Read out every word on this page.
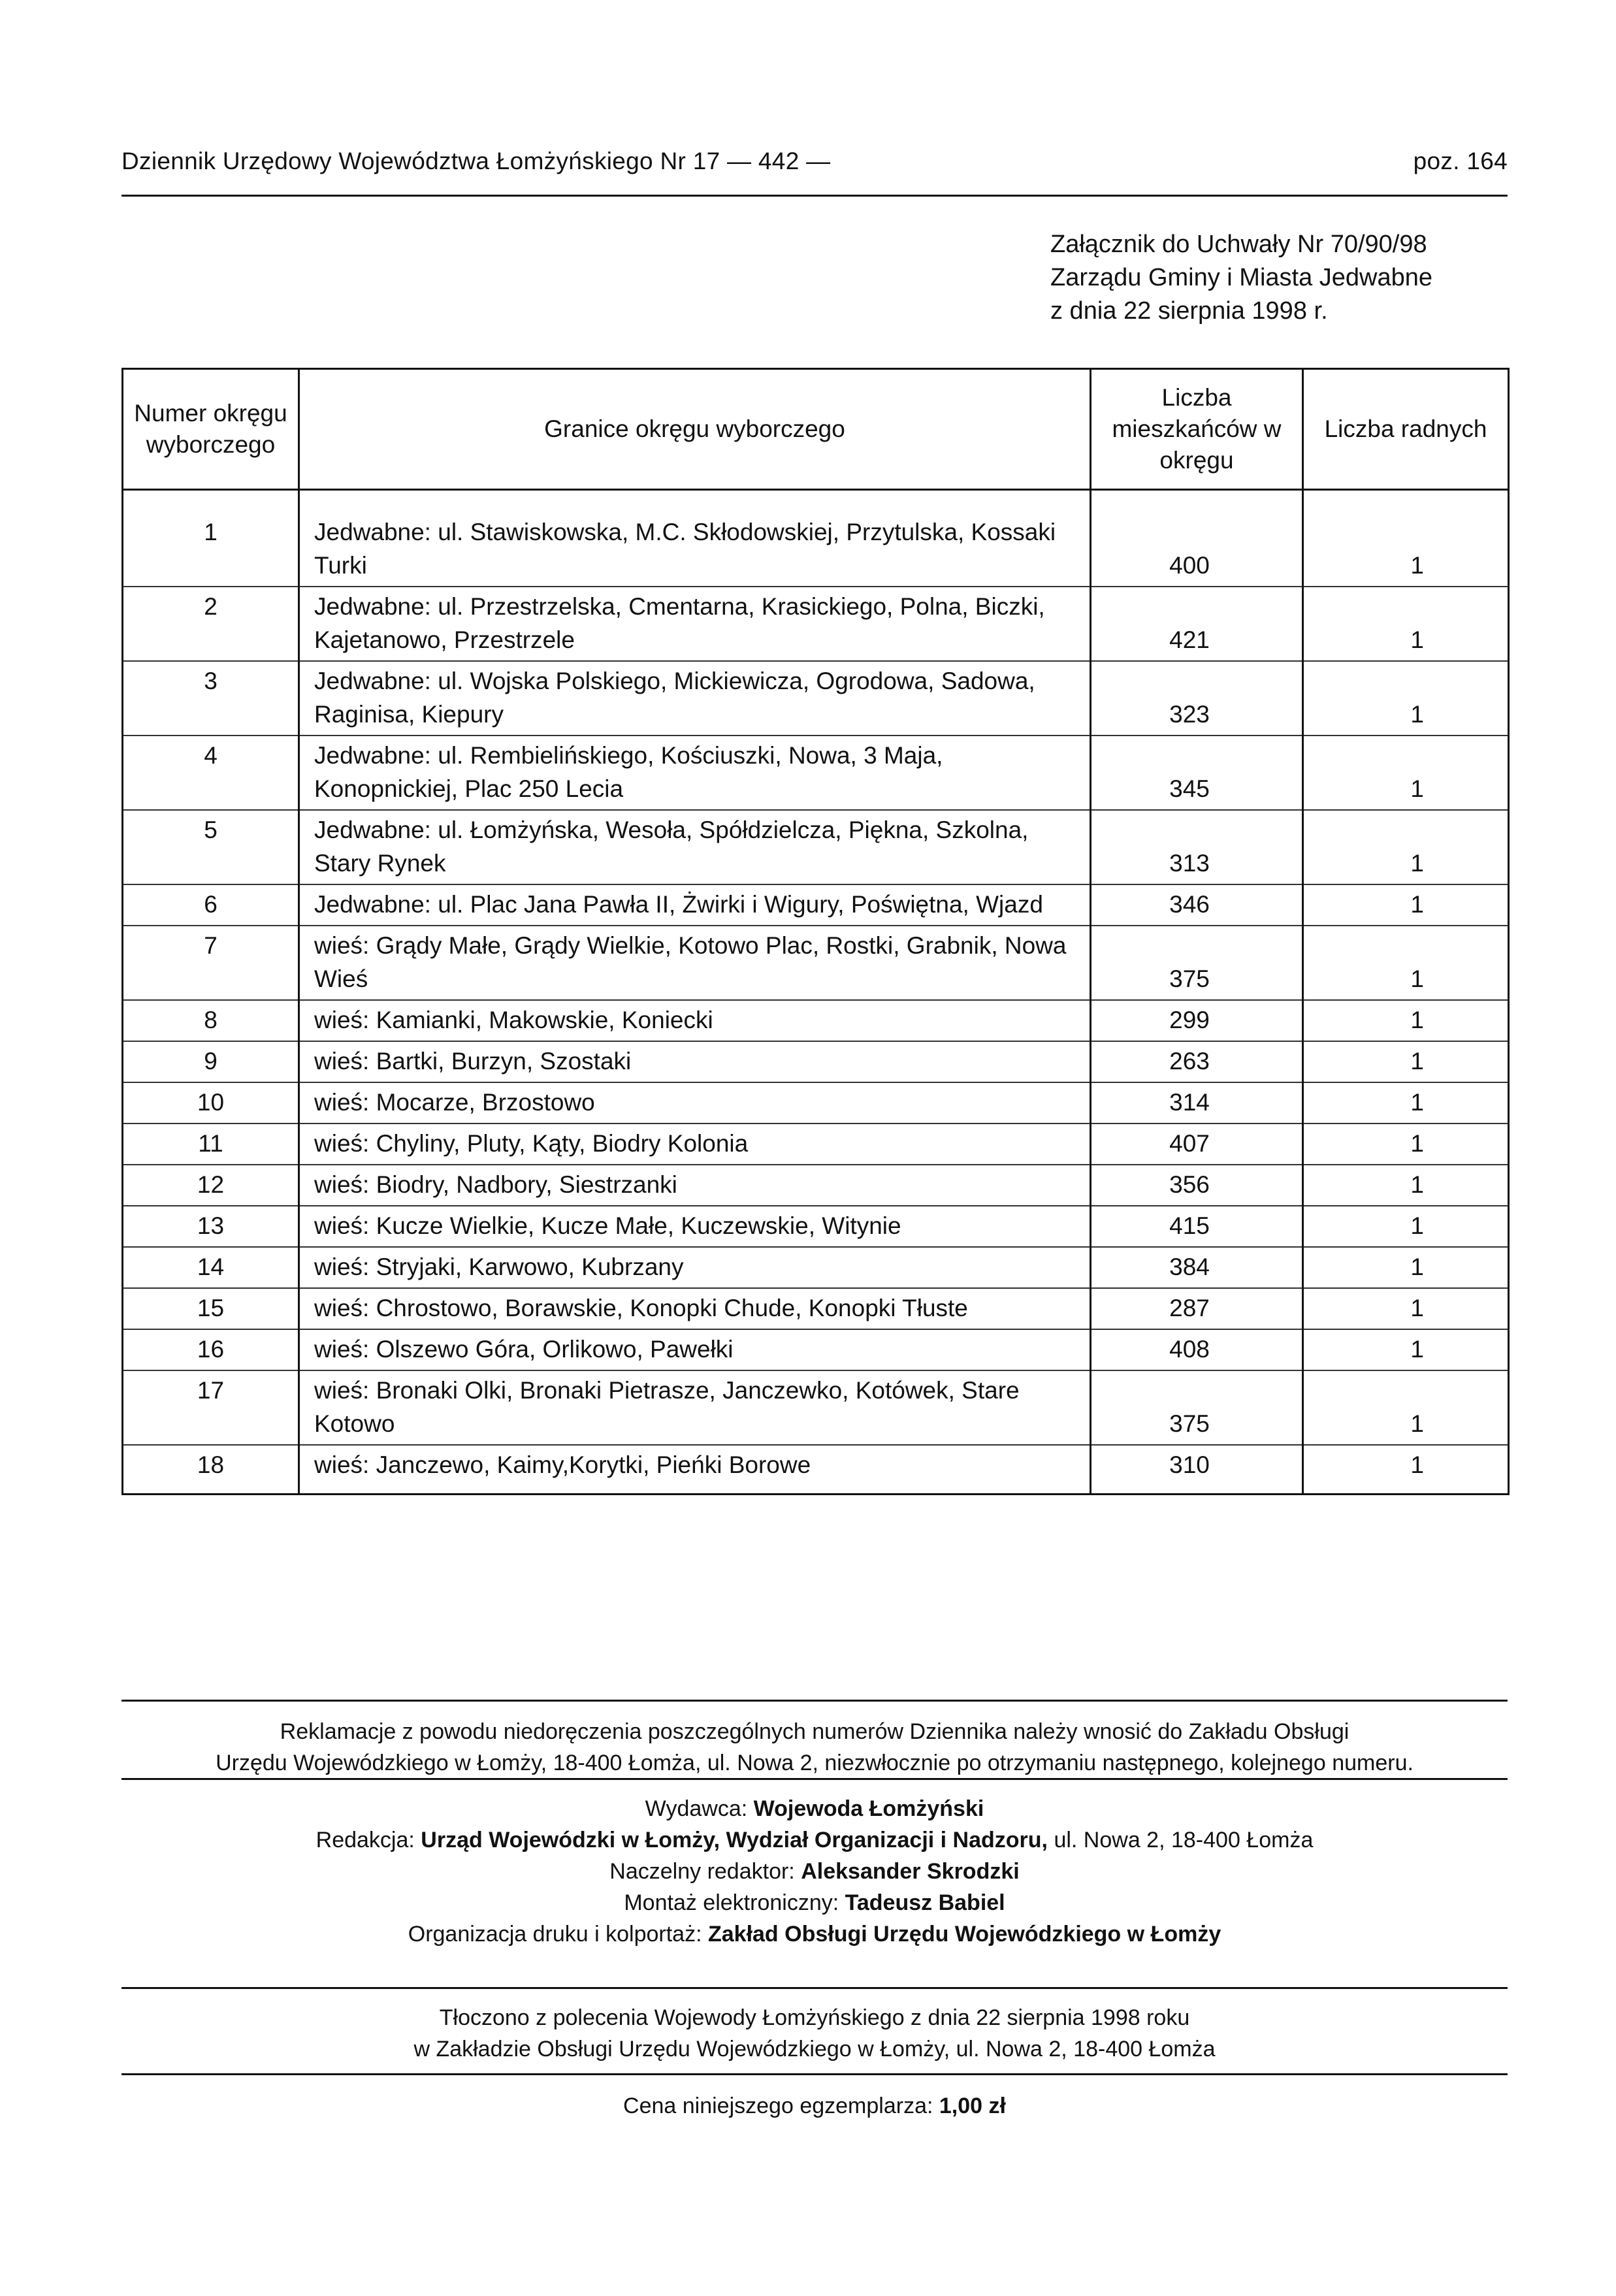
Dziennik Urzędowy Województwa Łomżyńskiego Nr 17 — 442 —	poz. 164
Załącznik do Uchwały Nr 70/90/98
Zarządu Gminy i Miasta Jedwabne
z dnia 22 sierpnia 1998 r.
Numer okręgu wyborczego	Granice okręgu wyborczego	Liczba mieszkańców w okręgu	Liczba radnych
1	Jedwabne: ul. Stawiskowska, M.C. Skłodowskiej, Przytulska, Kossaki Turki	400	1
2	Jedwabne: ul. Przestrzelska, Cmentarna, Krasickiego, Polna, Biczki, Kajetanowo, Przestrzele	421	1
3	Jedwabne: ul. Wojska Polskiego, Mickiewicza, Ogrodowa, Sadowa, Raginisa, Kiepury	323	1
4	Jedwabne: ul. Rembielińskiego, Kościuszki, Nowa, 3 Maja, Konopnickiej, Plac 250 Lecia	345	1
5	Jedwabne: ul. Łomżyńska, Wesoła, Spółdzielcza, Piękna, Szkolna, Stary Rynek	313	1
6	Jedwabne: ul. Plac Jana Pawła II, Żwirki i Wigury, Poświętna, Wjazd	346	1
7	wieś: Grądy Małe, Grądy Wielkie, Kotowo Plac, Rostki, Grabnik, Nowa Wieś	375	1
8	wieś: Kamianki, Makowskie, Koniecki	299	1
9	wieś: Bartki, Burzyn, Szostaki	263	1
10	wieś: Mocarze, Brzostowo	314	1
11	wieś: Chyliny, Pluty, Kąty, Biodry Kolonia	407	1
12	wieś: Biodry, Nadbory, Siestrzanki	356	1
13	wieś: Kucze Wielkie, Kucze Małe, Kuczewskie, Witynie	415	1
14	wieś: Stryjaki, Karwowo, Kubrzany	384	1
15	wieś: Chrostowo, Borawskie, Konopki Chude, Konopki Tłuste	287	1
16	wieś: Olszewo Góra, Orlikowo, Pawełki	408	1
17	wieś: Bronaki Olki, Bronaki Pietrasze, Janczewko, Kotówek, Stare Kotowo	375	1
18	wieś: Janczewo, Kaimy,Korytki, Pieńki Borowe	310	1
Reklamacje z powodu niedoręczenia poszczególnych numerów Dziennika należy wnosić do Zakładu Obsługi
Urzędu Wojewódzkiego w Łomży, 18-400 Łomża, ul. Nowa 2, niezwłocznie po otrzymaniu następnego, kolejnego numeru.
Wydawca: Wojewoda Łomżyński
Redakcja: Urząd Wojewódzki w Łomży, Wydział Organizacji i Nadzoru, ul. Nowa 2, 18-400 Łomża
Naczelny redaktor: Aleksander Skrodzki
Montaż elektroniczny: Tadeusz Babiel
Organizacja druku i kolportaż: Zakład Obsługi Urzędu Wojewódzkiego w Łomży
Tłoczono z polecenia Wojewody Łomżyńskiego z dnia 22 sierpnia 1998 roku
w Zakładzie Obsługi Urzędu Wojewódzkiego w Łomży, ul. Nowa 2, 18-400 Łomża
Cena niniejszego egzemplarza: 1,00 zł
